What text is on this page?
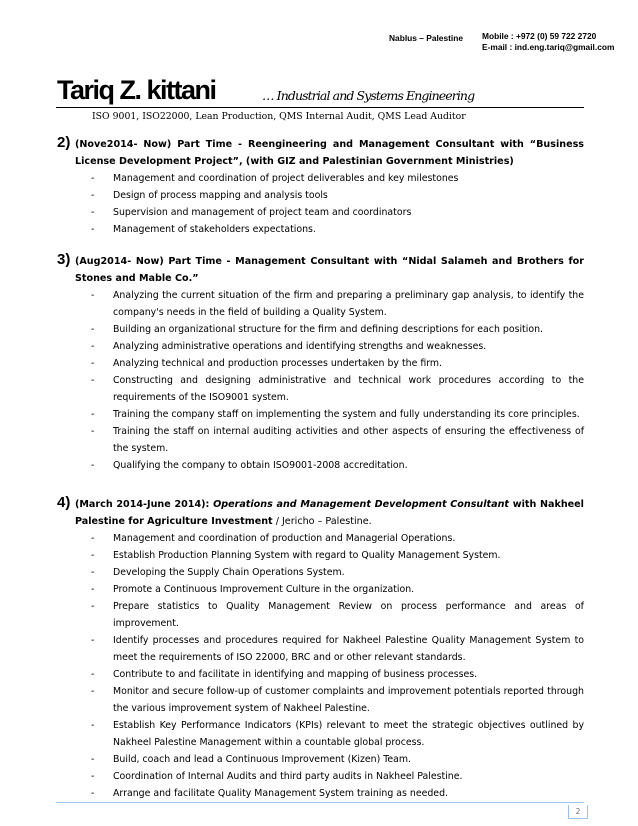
Nablus – Palestine Mobile : +972 (0) 59 722 2720
E-mail : ind.eng.tariq@gmail.com
Tariq Z. kittani	… Industrial and Systems Engineering
ISO 9001, ISO22000, Lean Production, QMS Internal Audit, QMS Lead Auditor
2) (Nove2014- Now) Part Time - Reengineering and Management Consultant with “Business License Development Project”, (with GIZ and Palestinian Government Ministries)
- Management and coordination of project deliverables and key milestones
- Design of process mapping and analysis tools
- Supervision and management of project team and coordinators
- Management of stakeholders expectations.
3) (Aug2014- Now) Part Time - Management Consultant with “Nidal Salameh and Brothers for Stones and Mable Co.”
- Analyzing the current situation of the firm and preparing a preliminary gap analysis, to identify the company's needs in the field of building a Quality System.
- Building an organizational structure for the firm and defining descriptions for each position.
- Analyzing administrative operations and identifying strengths and weaknesses.
- Analyzing technical and production processes undertaken by the firm.
- Constructing and designing administrative and technical work procedures according to the requirements of the ISO9001 system.
- Training the company staff on implementing the system and fully understanding its core principles.
- Training the staff on internal auditing activities and other aspects of ensuring the effectiveness of the system.
- Qualifying the company to obtain ISO9001-2008 accreditation.
4) (March 2014-June 2014): Operations and Management Development Consultant with Nakheel Palestine for Agriculture Investment / Jericho – Palestine.
- Management and coordination of production and Managerial Operations.
- Establish Production Planning System with regard to Quality Management System.
- Developing the Supply Chain Operations System.
- Promote a Continuous Improvement Culture in the organization.
- Prepare statistics to Quality Management Review on process performance and areas of improvement.
- Identify processes and procedures required for Nakheel Palestine Quality Management System to meet the requirements of ISO 22000, BRC and or other relevant standards.
- Contribute to and facilitate in identifying and mapping of business processes.
- Monitor and secure follow-up of customer complaints and improvement potentials reported through the various improvement system of Nakheel Palestine.
- Establish Key Performance Indicators (KPIs) relevant to meet the strategic objectives outlined by Nakheel Palestine Management within a countable global process.
- Build, coach and lead a Continuous Improvement (Kizen) Team.
- Coordination of Internal Audits and third party audits in Nakheel Palestine.
- Arrange and facilitate Quality Management System training as needed.
2
